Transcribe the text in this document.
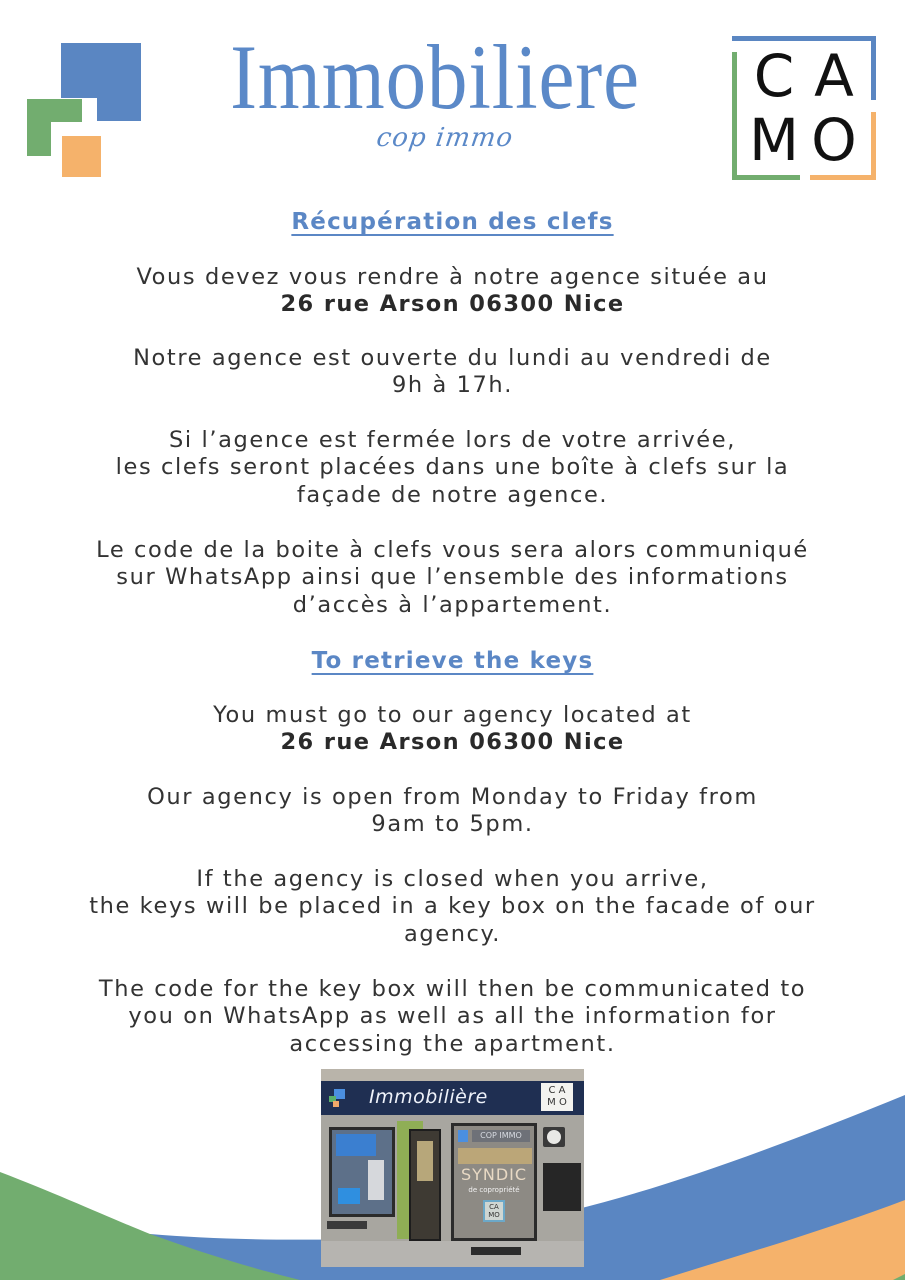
Immobiliere
cop immo
C A
M O
Récupération des clefs
Vous devez vous rendre à notre agence située au
26 rue Arson 06300 Nice
Notre agence est ouverte du lundi au vendredi de
9h à 17h.
Si l’agence est fermée lors de votre arrivée,
les clefs seront placées dans une boîte à clefs sur la
façade de notre agence.
Le code de la boite à clefs vous sera alors communiqué
sur WhatsApp ainsi que l’ensemble des informations
d’accès à l’appartement.
To retrieve the keys
You must go to our agency located at
26 rue Arson 06300 Nice
Our agency is open from Monday to Friday from
9am to 5pm.
If the agency is closed when you arrive,
the keys will be placed in a key box on the facade of our
agency.
The code for the key box will then be communicated to
you on WhatsApp as well as all the information for
accessing the apartment.
Immobilière	C A
M O
COP IMMO
SYNDIC
de copropriété
CA
MO
